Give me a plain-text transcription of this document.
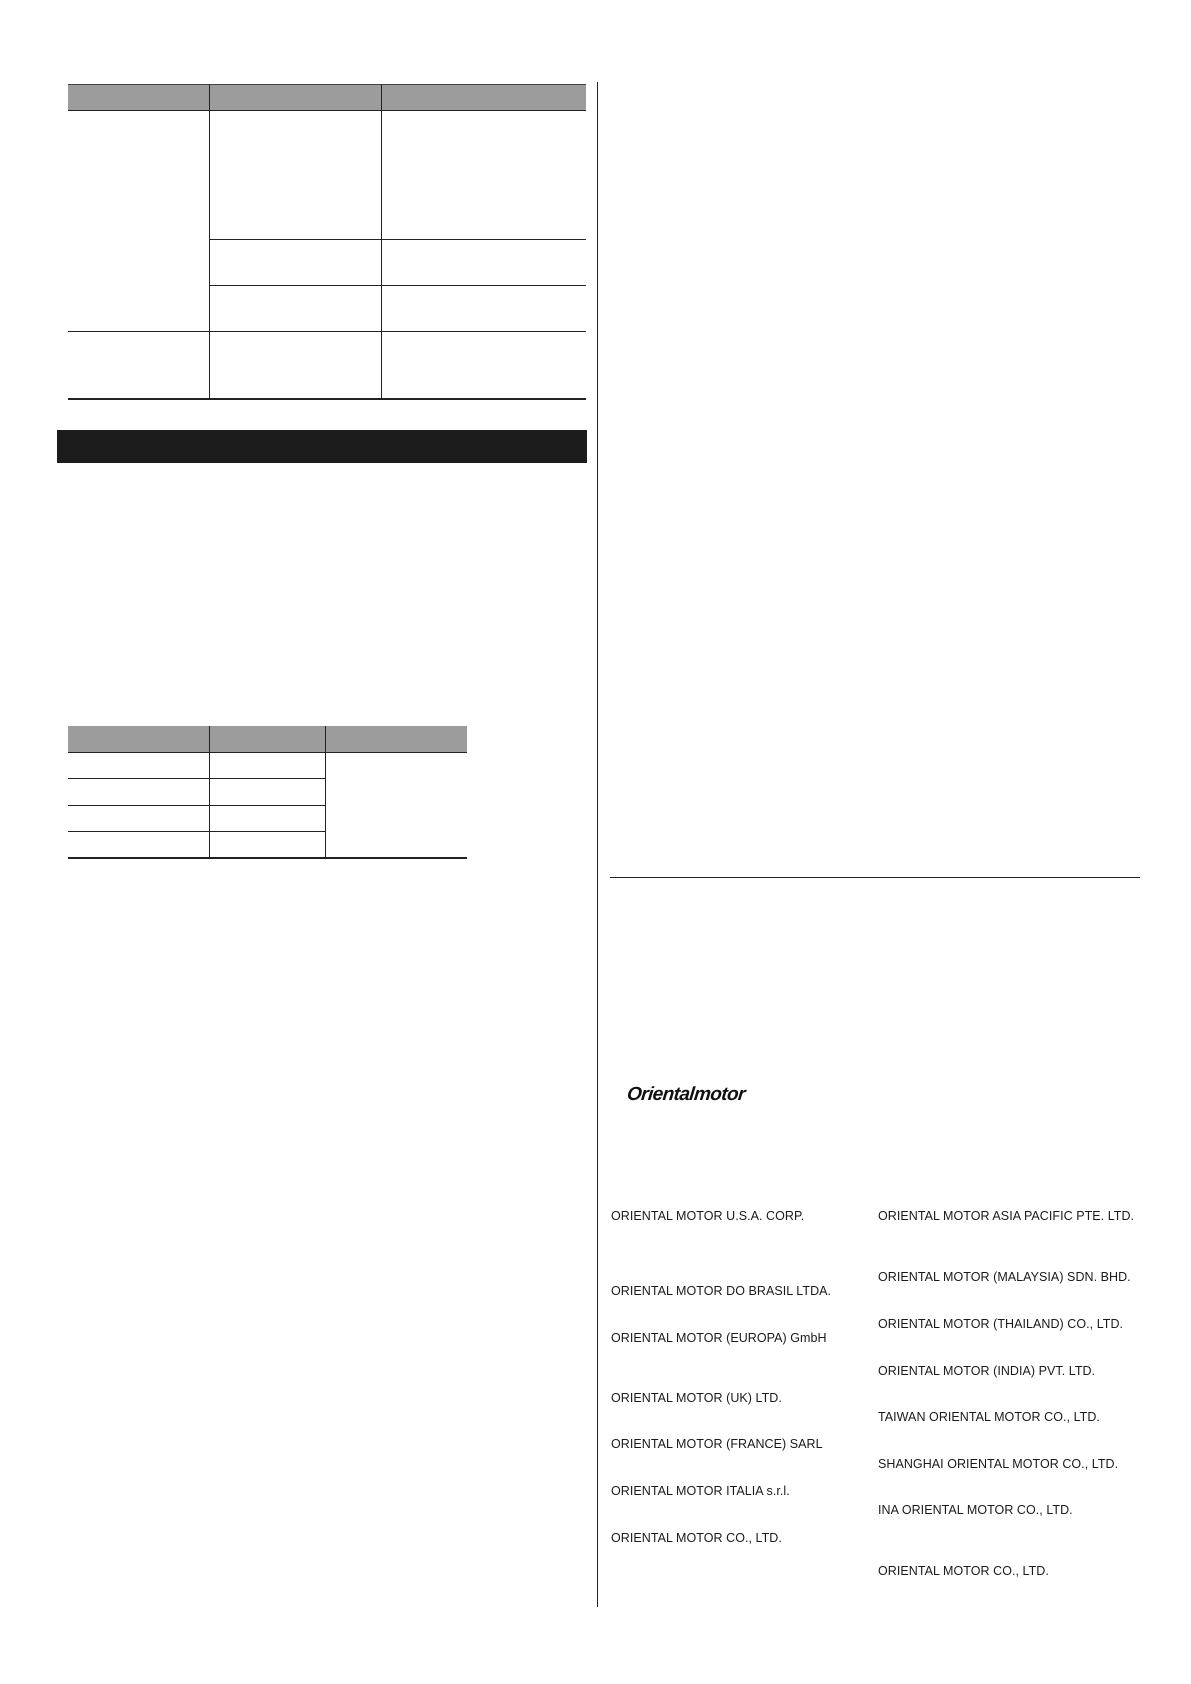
Orientalmotor
ORIENTAL MOTOR U.S.A. CORP.
ORIENTAL MOTOR DO BRASIL LTDA.
ORIENTAL MOTOR (EUROPA) GmbH
ORIENTAL MOTOR (UK) LTD.
ORIENTAL MOTOR (FRANCE) SARL
ORIENTAL MOTOR ITALIA s.r.l.
ORIENTAL MOTOR CO., LTD.
ORIENTAL MOTOR ASIA PACIFIC PTE. LTD.
ORIENTAL MOTOR (MALAYSIA) SDN. BHD.
ORIENTAL MOTOR (THAILAND) CO., LTD.
ORIENTAL MOTOR (INDIA) PVT. LTD.
TAIWAN ORIENTAL MOTOR CO., LTD.
SHANGHAI ORIENTAL MOTOR CO., LTD.
INA ORIENTAL MOTOR CO., LTD.
ORIENTAL MOTOR CO., LTD.
